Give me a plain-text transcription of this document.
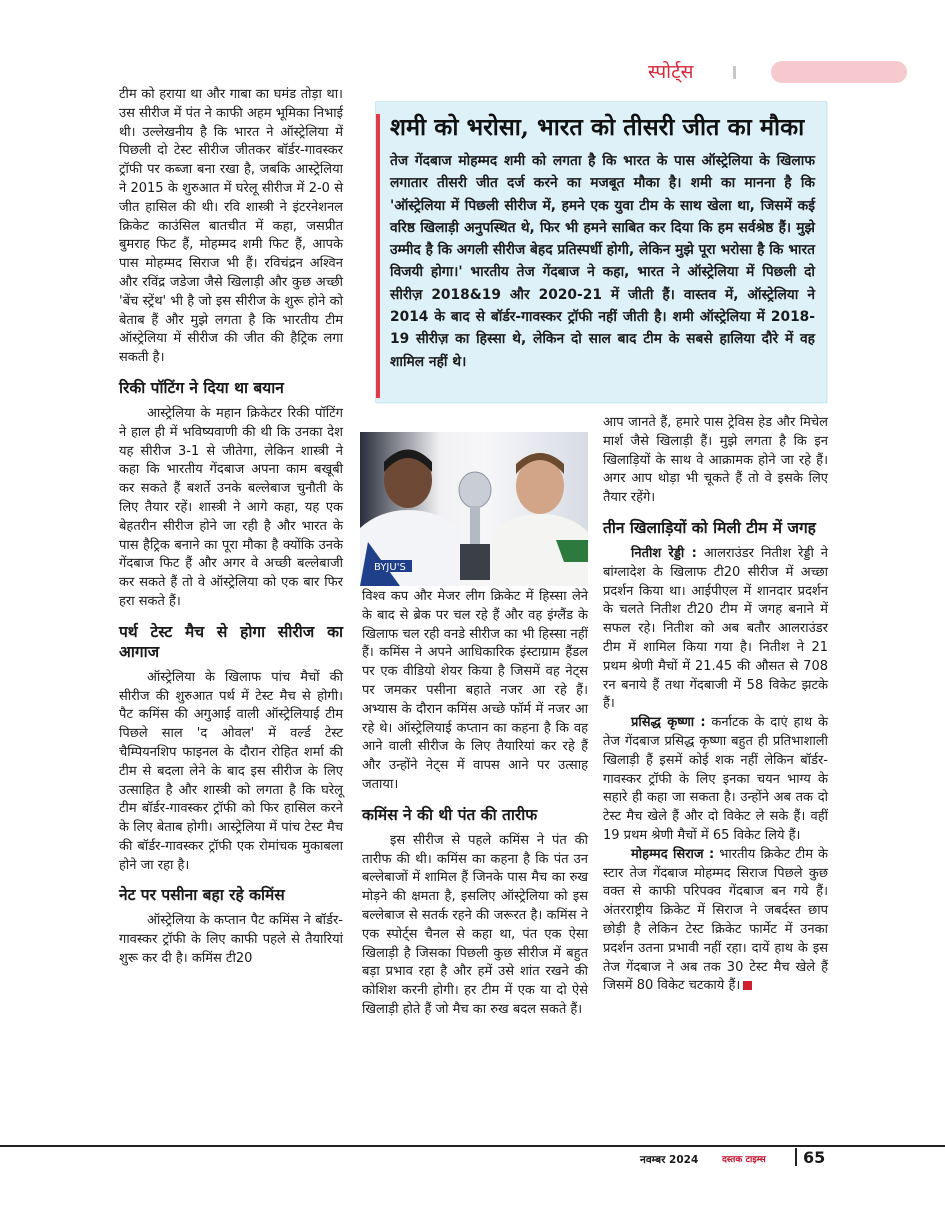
स्पोर्ट्स
शमी को भरोसा, भारत को तीसरी जीत का मौका
तेज गेंदबाज मोहम्मद शमी को लगता है कि भारत के पास ऑस्ट्रेलिया के खिलाफ लगातार तीसरी जीत दर्ज करने का मजबूत मौका है। शमी का मानना है कि 'ऑस्ट्रेलिया में पिछली सीरीज में, हमने एक युवा टीम के साथ खेला था, जिसमें कई वरिष्ठ खिलाड़ी अनुपस्थित थे, फिर भी हमने साबित कर दिया कि हम सर्वश्रेष्ठ हैं। मुझे उम्मीद है कि अगली सीरीज बेहद प्रतिस्पर्धी होगी, लेकिन मुझे पूरा भरोसा है कि भारत विजयी होगा।' भारतीय तेज गेंदबाज ने कहा, भारत ने ऑस्ट्रेलिया में पिछली दो सीरीज़ 2018&19 और 2020-21 में जीती हैं। वास्तव में, ऑस्ट्रेलिया ने 2014 के बाद से बॉर्डर-गावस्कर ट्रॉफी नहीं जीती है। शमी ऑस्ट्रेलिया में 2018-19 सीरीज़ का हिस्सा थे, लेकिन दो साल बाद टीम के सबसे हालिया दौरे में वह शामिल नहीं थे।
BYJU'S

टीम को हराया था और गाबा का घमंड तोड़ा था। उस सीरीज में पंत ने काफी अहम भूमिका निभाई थी। उल्लेखनीय है कि भारत ने ऑस्ट्रेलिया में पिछली दो टेस्ट सीरीज जीतकर बॉर्डर-गावस्कर ट्रॉफी पर कब्जा बना रखा है, जबकि आस्ट्रेलिया ने 2015 के शुरुआत में घरेलू सीरीज में 2-0 से जीत हासिल की थी। रवि शास्त्री ने इंटरनेशनल क्रिकेट काउंसिल बातचीत में कहा, जसप्रीत बुमराह फिट हैं, मोहम्मद शमी फिट हैं, आपके पास मोहम्मद सिराज भी हैं। रविचंद्रन अश्विन और रविंद्र जडेजा जैसे खिलाड़ी और कुछ अच्छी 'बेंच स्ट्रेंथ' भी है जो इस सीरीज के शुरू होने को बेताब हैं और मुझे लगता है कि भारतीय टीम ऑस्ट्रेलिया में सीरीज की जीत की हैट्रिक लगा सकती है।

रिकी पॉटिंग ने दिया था बयान

आस्ट्रेलिया के महान क्रिकेटर रिकी पॉटिंग ने हाल ही में भविष्यवाणी की थी कि उनका देश यह सीरीज 3-1 से जीतेगा, लेकिन शास्त्री ने कहा कि भारतीय गेंदबाज अपना काम बखूबी कर सकते हैं बशर्ते उनके बल्लेबाज चुनौती के लिए तैयार रहें। शास्त्री ने आगे कहा, यह एक बेहतरीन सीरीज होने जा रही है और भारत के पास हैट्रिक बनाने का पूरा मौका है क्योंकि उनके गेंदबाज फिट हैं और अगर वे अच्छी बल्लेबाजी कर सकते हैं तो वे ऑस्ट्रेलिया को एक बार फिर हरा सकते हैं।

पर्थ टेस्ट मैच से होगा सीरीज का आगाज

ऑस्ट्रेलिया के खिलाफ पांच मैचों की सीरीज की शुरुआत पर्थ में टेस्ट मैच से होगी। पैट कमिंस की अगुआई वाली ऑस्ट्रेलियाई टीम पिछले साल 'द ओवल' में वर्ल्ड टेस्ट चैम्पियनशिप फाइनल के दौरान रोहित शर्मा की टीम से बदला लेने के बाद इस सीरीज के लिए उत्साहित है और शास्त्री को लगता है कि घरेलू टीम बॉर्डर-गावस्कर ट्रॉफी को फिर हासिल करने के लिए बेताब होगी। आस्ट्रेलिया में पांच टेस्ट मैच की बॉर्डर-गावस्कर ट्रॉफी एक रोमांचक मुकाबला होने जा रहा है।

नेट पर पसीना बहा रहे कमिंस

ऑस्ट्रेलिया के कप्तान पैट कमिंस ने बॉर्डर-गावस्कर ट्रॉफी के लिए काफी पहले से तैयारियां शुरू कर दी है। कमिंस टी20

विश्व कप और मेजर लीग क्रिकेट में हिस्सा लेने के बाद से ब्रेक पर चल रहे हैं और वह इंग्लैंड के खिलाफ चल रही वनडे सीरीज का भी हिस्सा नहीं हैं। कमिंस ने अपने आधिकारिक इंस्टाग्राम हैंडल पर एक वीडियो शेयर किया है जिसमें वह नेट्स पर जमकर पसीना बहाते नजर आ रहे हैं। अभ्यास के दौरान कमिंस अच्छे फॉर्म में नजर आ रहे थे। ऑस्ट्रेलियाई कप्तान का कहना है कि वह आने वाली सीरीज के लिए तैयारियां कर रहे हैं और उन्होंने नेट्स में वापस आने पर उत्साह जताया।

कमिंस ने की थी पंत की तारीफ

इस सीरीज से पहले कमिंस ने पंत की तारीफ की थी। कमिंस का कहना है कि पंत उन बल्लेबाजों में शामिल हैं जिनके पास मैच का रुख मोड़ने की क्षमता है, इसलिए ऑस्ट्रेलिया को इस बल्लेबाज से सतर्क रहने की जरूरत है। कमिंस ने एक स्पोर्ट्स चैनल से कहा था, पंत एक ऐसा खिलाड़ी है जिसका पिछली कुछ सीरीज में बहुत बड़ा प्रभाव रहा है और हमें उसे शांत रखने की कोशिश करनी होगी। हर टीम में एक या दो ऐसे खिलाड़ी होते हैं जो मैच का रुख बदल सकते हैं।

आप जानते हैं, हमारे पास ट्रेविस हेड और मिचेल मार्श जैसे खिलाड़ी हैं। मुझे लगता है कि इन खिलाड़ियों के साथ वे आक्रामक होने जा रहे हैं। अगर आप थोड़ा भी चूकते हैं तो वे इसके लिए तैयार रहेंगे।

तीन खिलाड़ियों को मिली टीम में जगह

नितीश रेड्डी : आलराउंडर नितीश रेड्डी ने बांग्लादेश के खिलाफ टी20 सीरीज में अच्छा प्रदर्शन किया था। आईपीएल में शानदार प्रदर्शन के चलते नितीश टी20 टीम में जगह बनाने में सफल रहे। नितीश को अब बतौर आलराउंडर टीम में शामिल किया गया है। नितीश ने 21 प्रथम श्रेणी मैचों में 21.45 की औसत से 708 रन बनाये हैं तथा गेंदबाजी में 58 विकेट झटके हैं।

प्रसिद्ध कृष्णा : कर्नाटक के दाएं हाथ के तेज गेंदबाज प्रसिद्ध कृष्णा बहुत ही प्रतिभाशाली खिलाड़ी हैं इसमें कोई शक नहीं लेकिन बॉर्डर-गावस्कर ट्रॉफी के लिए इनका चयन भाग्य के सहारे ही कहा जा सकता है। उन्होंने अब तक दो टेस्ट मैच खेले हैं और दो विकेट ले सके हैं। वहीं 19 प्रथम श्रेणी मैचों में 65 विकेट लिये हैं।

मोहम्मद सिराज : भारतीय क्रिकेट टीम के स्टार तेज गेंदबाज मोहम्मद सिराज पिछले कुछ वक्त से काफी परिपक्व गेंदबाज बन गये हैं। अंतरराष्ट्रीय क्रिकेट में सिराज ने जबर्दस्त छाप छोड़ी है लेकिन टेस्ट क्रिकेट फार्मेट में उनका प्रदर्शन उतना प्रभावी नहीं रहा। दायें हाथ के इस तेज गेंदबाज ने अब तक 30 टेस्ट मैच खेले हैं जिसमें 80 विकेट चटकाये हैं।

नवम्बर 2024	दस्तक टाइम्स 65
